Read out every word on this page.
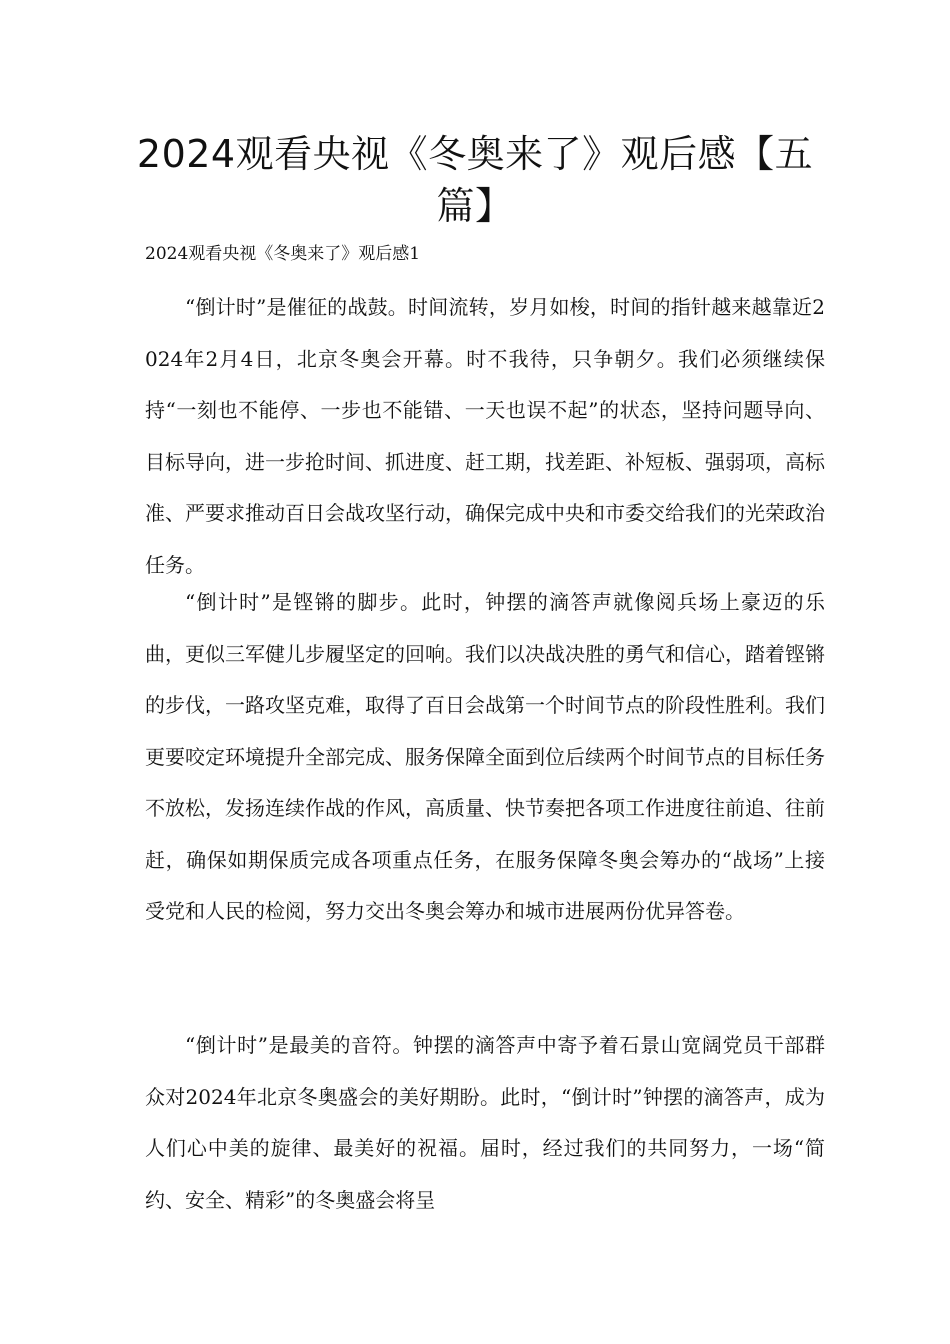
2024观看央视《冬奥来了》观后感【五篇】

2024观看央视《冬奥来了》观后感1

“倒计时”是催征的战鼓。时间流转，岁月如梭，时间的指针越来越靠近2024年2月4日，北京冬奥会开幕。时不我待，只争朝夕。我们必须继续保持“一刻也不能停、一步也不能错、一天也误不起”的状态，坚持问题导向、目标导向，进一步抢时间、抓进度、赶工期，找差距、补短板、强弱项，高标准、严要求推动百日会战攻坚行动，确保完成中央和市委交给我们的光荣政治任务。

“倒计时”是铿锵的脚步。此时，钟摆的滴答声就像阅兵场上豪迈的乐曲，更似三军健儿步履坚定的回响。我们以决战决胜的勇气和信心，踏着铿锵的步伐，一路攻坚克难，取得了百日会战第一个时间节点的阶段性胜利。我们更要咬定环境提升全部完成、服务保障全面到位后续两个时间节点的目标任务不放松，发扬连续作战的作风，高质量、快节奏把各项工作进度往前追、往前赶，确保如期保质完成各项重点任务，在服务保障冬奥会筹办的“战场”上接受党和人民的检阅，努力交出冬奥会筹办和城市进展两份优异答卷。

“倒计时”是最美的音符。钟摆的滴答声中寄予着石景山宽阔党员干部群众对2024年北京冬奥盛会的美好期盼。此时，“倒计时”钟摆的滴答声，成为人们心中美的旋律、最美好的祝福。届时，经过我们的共同努力，一场“简约、安全、精彩”的冬奥盛会将呈
